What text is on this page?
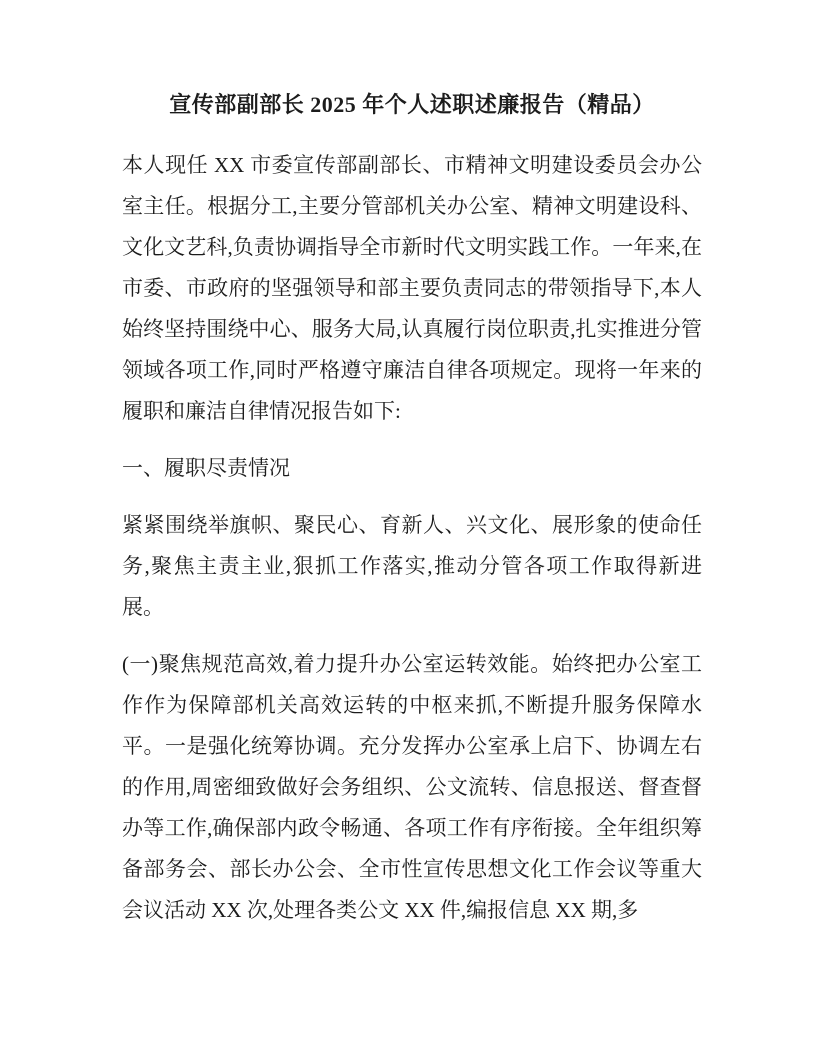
宣传部副部长 2025 年个人述职述廉报告（精品）

本人现任 XX 市委宣传部副部长、市精神文明建设委员会办公室主任。根据分工,主要分管部机关办公室、精神文明建设科、文化文艺科,负责协调指导全市新时代文明实践工作。一年来,在市委、市政府的坚强领导和部主要负责同志的带领指导下,本人始终坚持围绕中心、服务大局,认真履行岗位职责,扎实推进分管领域各项工作,同时严格遵守廉洁自律各项规定。现将一年来的履职和廉洁自律情况报告如下:

一、履职尽责情况

紧紧围绕举旗帜、聚民心、育新人、兴文化、展形象的使命任务,聚焦主责主业,狠抓工作落实,推动分管各项工作取得新进展。

(一)聚焦规范高效,着力提升办公室运转效能。始终把办公室工作作为保障部机关高效运转的中枢来抓,不断提升服务保障水平。一是强化统筹协调。充分发挥办公室承上启下、协调左右的作用,周密细致做好会务组织、公文流转、信息报送、督查督办等工作,确保部内政令畅通、各项工作有序衔接。全年组织筹备部务会、部长办公会、全市性宣传思想文化工作会议等重大会议活动 XX 次,处理各类公文 XX 件,编报信息 XX 期,多
